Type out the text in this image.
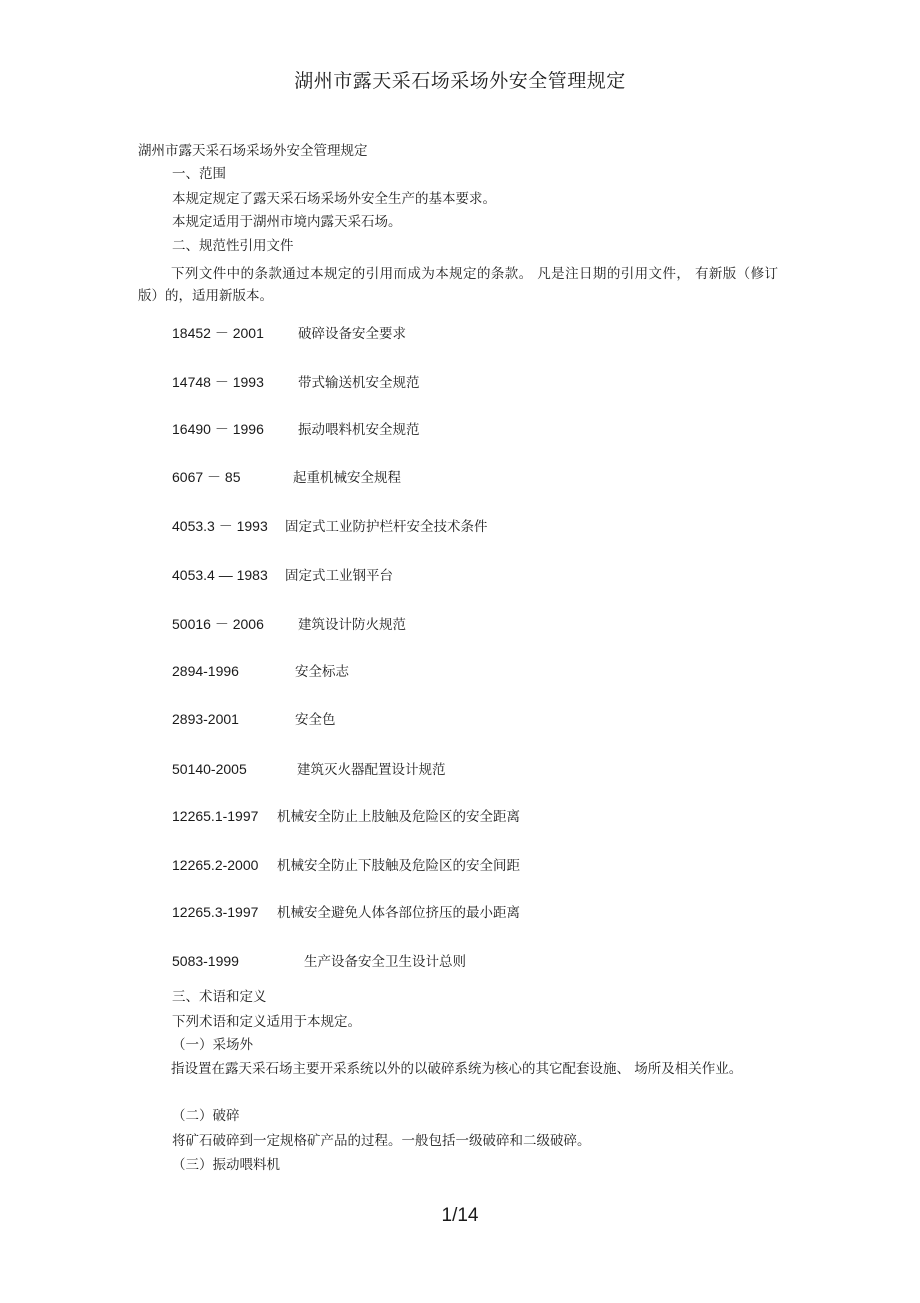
湖州市露天采石场采场外安全管理规定
湖州市露天采石场采场外安全管理规定
一、范围
本规定规定了露天采石场采场外安全生产的基本要求。
本规定适用于湖州市境内露天采石场。
二、规范性引用文件
下列文件中的条款通过本规定的引用而成为本规定的条款。 凡是注日期的引用文件， 有新版（修订版）的，适用新版本。
18452 － 2001	破碎设备安全要求
14748 － 1993	带式输送机安全规范
16490 － 1996	振动喂料机安全规范
6067 － 85	起重机械安全规程
4053.3 － 1993 固定式工业防护栏杆安全技术条件
4053.4 — 1983 固定式工业钢平台
50016 － 2006	建筑设计防火规范
2894-1996	安全标志
2893-2001	安全色
50140-2005	建筑灭火器配置设计规范
12265.1-1997 机械安全防止上肢触及危险区的安全距离
12265.2-2000 机械安全防止下肢触及危险区的安全间距
12265.3-1997 机械安全避免人体各部位挤压的最小距离
5083-1999	生产设备安全卫生设计总则
三、术语和定义
下列术语和定义适用于本规定。
（一）采场外
指设置在露天采石场主要开采系统以外的以破碎系统为核心的其它配套设施、 场所及相关作业。
（二）破碎
将矿石破碎到一定规格矿产品的过程。一般包括一级破碎和二级破碎。
（三）振动喂料机
1/14
